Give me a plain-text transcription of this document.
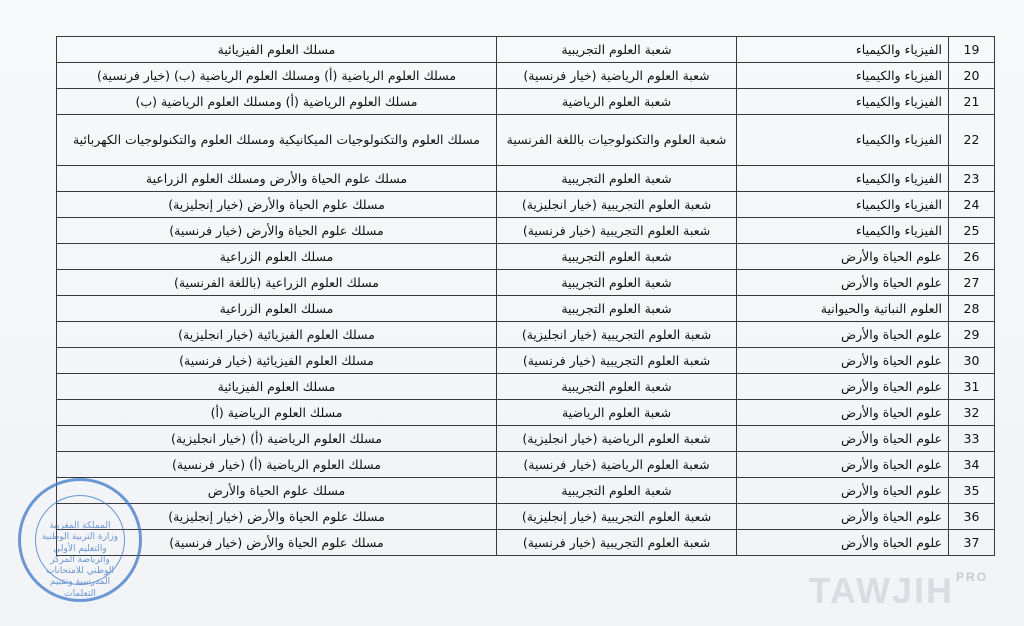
19	الفيزياء والكيمياء	شعبة العلوم التجريبية	مسلك العلوم الفيزيائية
20	الفيزياء والكيمياء	شعبة العلوم الرياضية (خيار فرنسية)	مسلك العلوم الرياضية (أ) ومسلك العلوم الرياضية (ب) (خيار فرنسية)
21	الفيزياء والكيمياء	شعبة العلوم الرياضية	مسلك العلوم الرياضية (أ) ومسلك العلوم الرياضية (ب)
22	الفيزياء والكيمياء	شعبة العلوم والتكنولوجيات باللغة الفرنسية	مسلك العلوم والتكنولوجيات الميكانيكية ومسلك العلوم والتكنولوجيات الكهربائية
23	الفيزياء والكيمياء	شعبة العلوم التجريبية	مسلك علوم الحياة والأرض ومسلك العلوم الزراعية
24	الفيزياء والكيمياء	شعبة العلوم التجريبية (خيار انجليزية)	مسلك علوم الحياة والأرض (خيار إنجليزية)
25	الفيزياء والكيمياء	شعبة العلوم التجريبية (خيار فرنسية)	مسلك علوم الحياة والأرض (خيار فرنسية)
26	علوم الحياة والأرض	شعبة العلوم التجريبية	مسلك العلوم الزراعية
27	علوم الحياة والأرض	شعبة العلوم التجريبية	مسلك العلوم الزراعية (باللغة الفرنسية)
28	العلوم النباتية والحيوانية	شعبة العلوم التجريبية	مسلك العلوم الزراعية
29	علوم الحياة والأرض	شعبة العلوم التجريبية (خيار انجليزية)	مسلك العلوم الفيزيائية (خيار انجليزية)
30	علوم الحياة والأرض	شعبة العلوم التجريبية (خيار فرنسية)	مسلك العلوم الفيزيائية (خيار فرنسية)
31	علوم الحياة والأرض	شعبة العلوم التجريبية	مسلك العلوم الفيزيائية
32	علوم الحياة والأرض	شعبة العلوم الرياضية	مسلك العلوم الرياضية (أ)
33	علوم الحياة والأرض	شعبة العلوم الرياضية (خيار انجليزية)	مسلك العلوم الرياضية (أ) (خيار انجليزية)
34	علوم الحياة والأرض	شعبة العلوم الرياضية (خيار فرنسية)	مسلك العلوم الرياضية (أ) (خيار فرنسية)
35	علوم الحياة والأرض	شعبة العلوم التجريبية	مسلك علوم الحياة والأرض
36	علوم الحياة والأرض	شعبة العلوم التجريبية (خيار إنجليزية)	مسلك علوم الحياة والأرض (خيار إنجليزية)
37	علوم الحياة والأرض	شعبة العلوم التجريبية (خيار فرنسية)	مسلك علوم الحياة والأرض (خيار فرنسية)
المملكة المغربية وزارة التربية الوطنية والتعليم الأولي والرياضة المركز الوطني للامتحانات المدرسية وتقييم التعلمات	TAWJIH $^{PRO}$
